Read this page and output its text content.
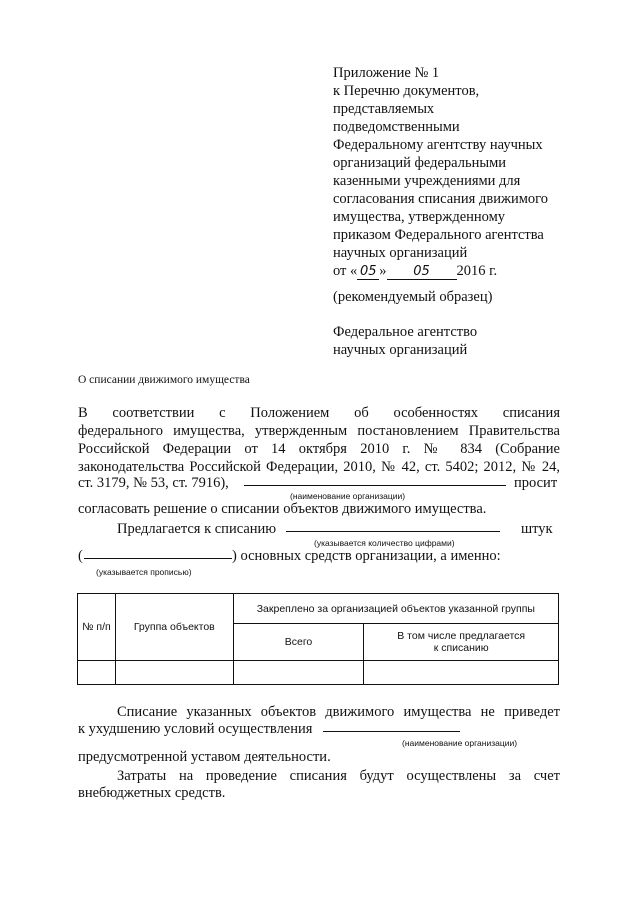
Приложение № 1
к Перечню документов,
представляемых
подведомственными
Федеральному агентству научных
организаций федеральными
казенными учреждениями для
согласования списания движимого
имущества, утвержденному
приказом Федерального агентства
научных организаций
от « 05 » 05 2016 г.
(рекомендуемый образец)
Федеральное агентство
научных организаций
О списании движимого имущества
В соответствии с Положением об особенностях списания
федерального имущества, утвержденным постановлением Правительства
Российской Федерации от 14 октября 2010 г. № 834 (Собрание
законодательства Российской Федерации, 2010, № 42, ст. 5402; 2012, № 24,
ст. 3179, № 53, ст. 7916),	просит
(наименование организации)
согласовать решение о списании объектов движимого имущества.
Предлагается к списанию	штук
(указывается количество цифрами)
(	) основных средств организации, а именно:
(указывается прописью)
№ п/п	Группа объектов	Закреплено за организацией объектов указанной группы	
		Всего	В том числе предлагается
к списанию

Списание указанных объектов движимого имущества не приведет
к ухудшению условий осуществления
(наименование организации)
предусмотренной уставом деятельности.
Затраты на проведение списания будут осуществлены за счет
внебюджетных средств.
